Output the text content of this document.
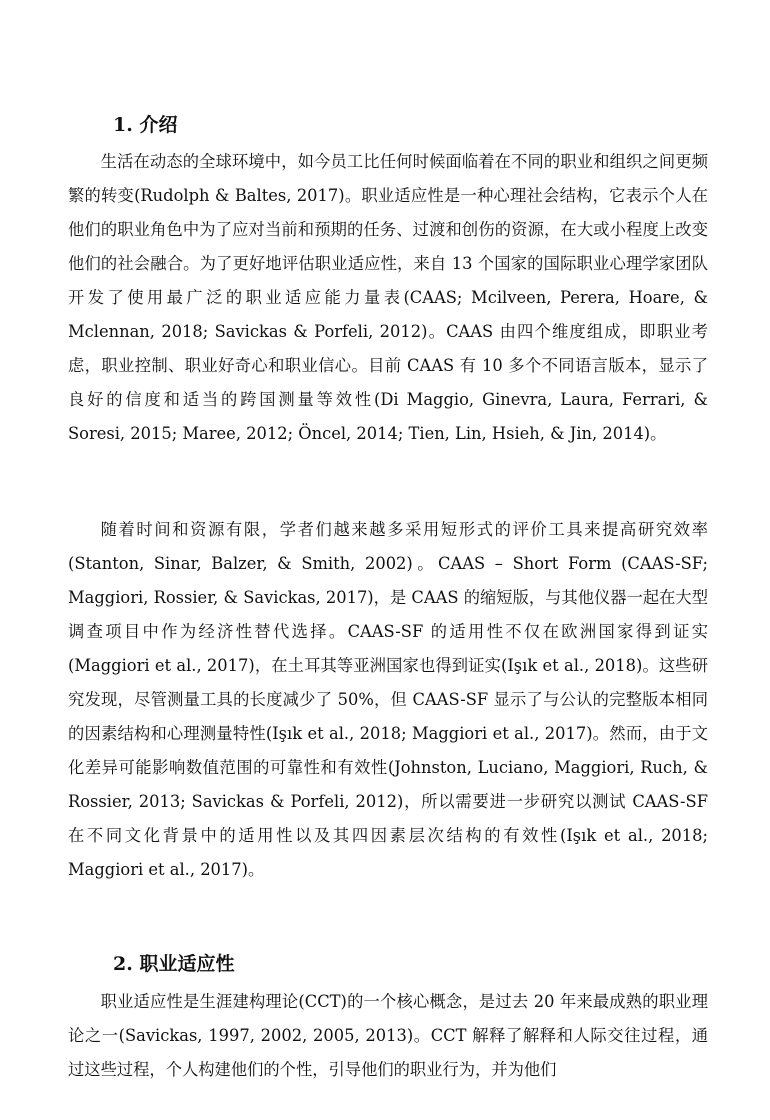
1. 介绍

生活在动态的全球环境中，如今员工比任何时候面临着在不同的职业和组织之间更频繁的转变(Rudolph & Baltes, 2017)。职业适应性是一种心理社会结构，它表示个人在他们的职业角色中为了应对当前和预期的任务、过渡和创伤的资源，在大或小程度上改变他们的社会融合。为了更好地评估职业适应性，来自 13 个国家的国际职业心理学家团队开发了使用最广泛的职业适应能力量表(CAAS; Mcilveen, Perera, Hoare, & Mclennan, 2018; Savickas & Porfeli, 2012)。CAAS 由四个维度组成，即职业考虑，职业控制、职业好奇心和职业信心。目前 CAAS 有 10 多个不同语言版本，显示了良好的信度和适当的跨国测量等效性(Di Maggio, Ginevra, Laura, Ferrari, & Soresi, 2015; Maree, 2012; Öncel, 2014; Tien, Lin, Hsieh, & Jin, 2014)。

随着时间和资源有限，学者们越来越多采用短形式的评价工具来提高研究效率 (Stanton, Sinar, Balzer, & Smith, 2002)。CAAS – Short Form (CAAS-SF; Maggiori, Rossier, & Savickas, 2017)，是 CAAS 的缩短版，与其他仪器一起在大型调查项目中作为经济性替代选择。CAAS-SF 的适用性不仅在欧洲国家得到证实(Maggiori et al., 2017)，在土耳其等亚洲国家也得到证实(Işık et al., 2018)。这些研究发现，尽管测量工具的长度减少了 50%，但 CAAS-SF 显示了与公认的完整版本相同的因素结构和心理测量特性(Işık et al., 2018; Maggiori et al., 2017)。然而，由于文化差异可能影响数值范围的可靠性和有效性(Johnston, Luciano, Maggiori, Ruch, & Rossier, 2013; Savickas & Porfeli, 2012)，所以需要进一步研究以测试 CAAS-SF 在不同文化背景中的适用性以及其四因素层次结构的有效性(Işık et al., 2018; Maggiori et al., 2017)。

2. 职业适应性

职业适应性是生涯建构理论(CCT)的一个核心概念，是过去 20 年来最成熟的职业理论之一(Savickas, 1997, 2002, 2005, 2013)。CCT 解释了解释和人际交往过程，通过这些过程，个人构建他们的个性，引导他们的职业行为，并为他们
